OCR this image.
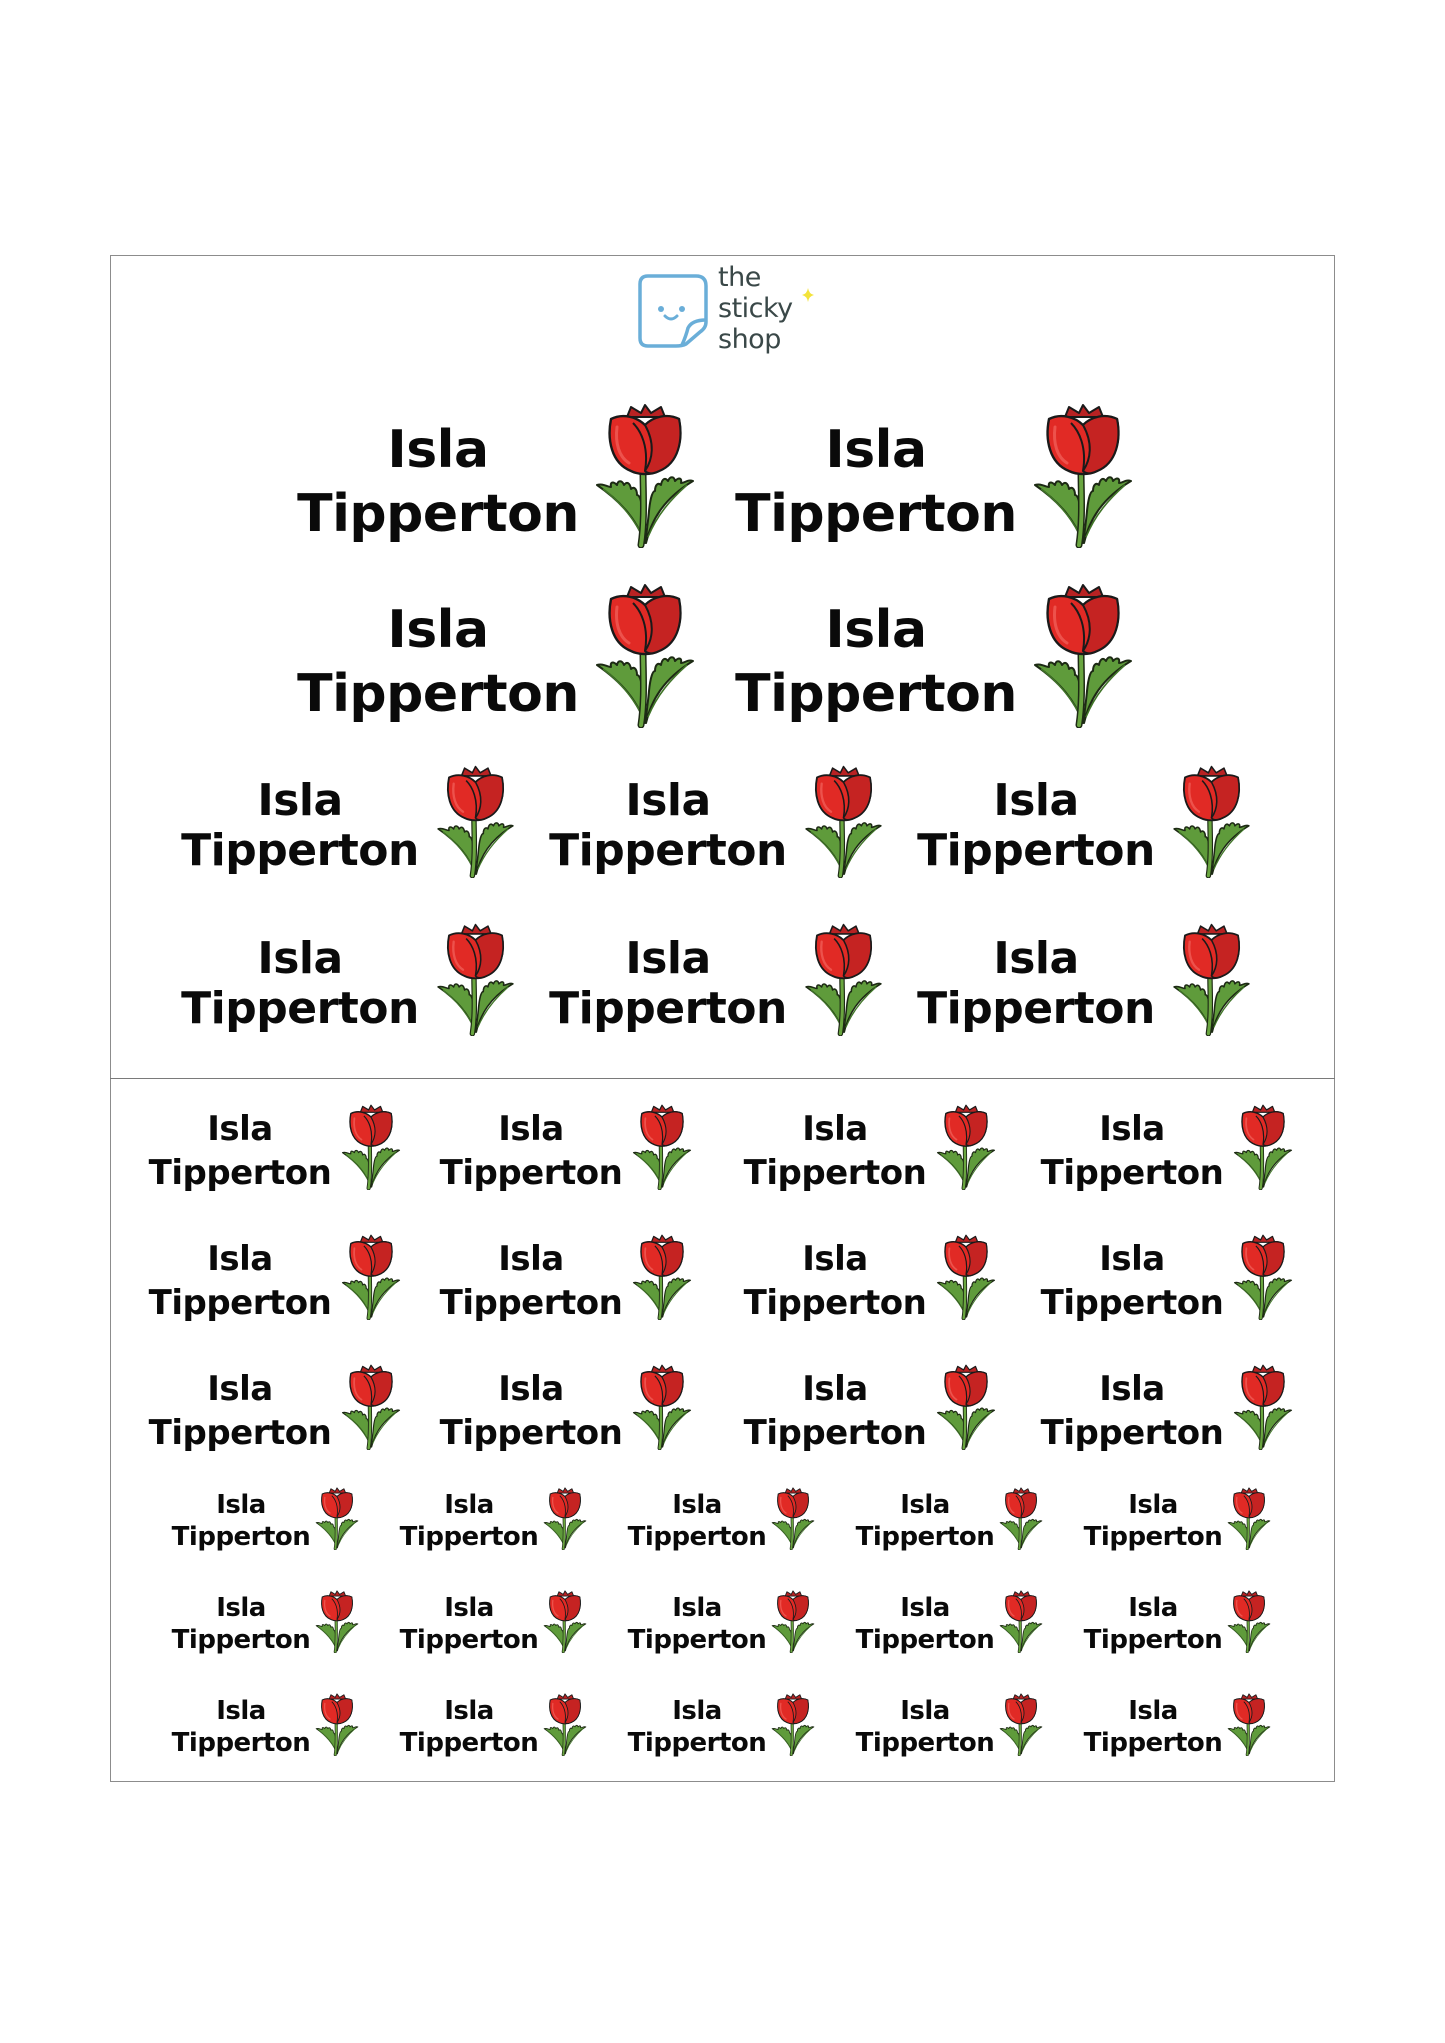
the
sticky
shop
Isla
Tipperton
Isla
Tipperton
Isla
Tipperton
Isla
Tipperton
Isla
Tipperton
Isla
Tipperton
Isla
Tipperton
Isla
Tipperton
Isla
Tipperton
Isla
Tipperton
Isla
Tipperton
Isla
Tipperton
Isla
Tipperton
Isla
Tipperton
Isla
Tipperton
Isla
Tipperton
Isla
Tipperton
Isla
Tipperton
Isla
Tipperton
Isla
Tipperton
Isla
Tipperton
Isla
Tipperton
Isla
Tipperton
Isla
Tipperton
Isla
Tipperton
Isla
Tipperton
Isla
Tipperton
Isla
Tipperton
Isla
Tipperton
Isla
Tipperton
Isla
Tipperton
Isla
Tipperton
Isla
Tipperton
Isla
Tipperton
Isla
Tipperton
Isla
Tipperton
Isla
Tipperton
